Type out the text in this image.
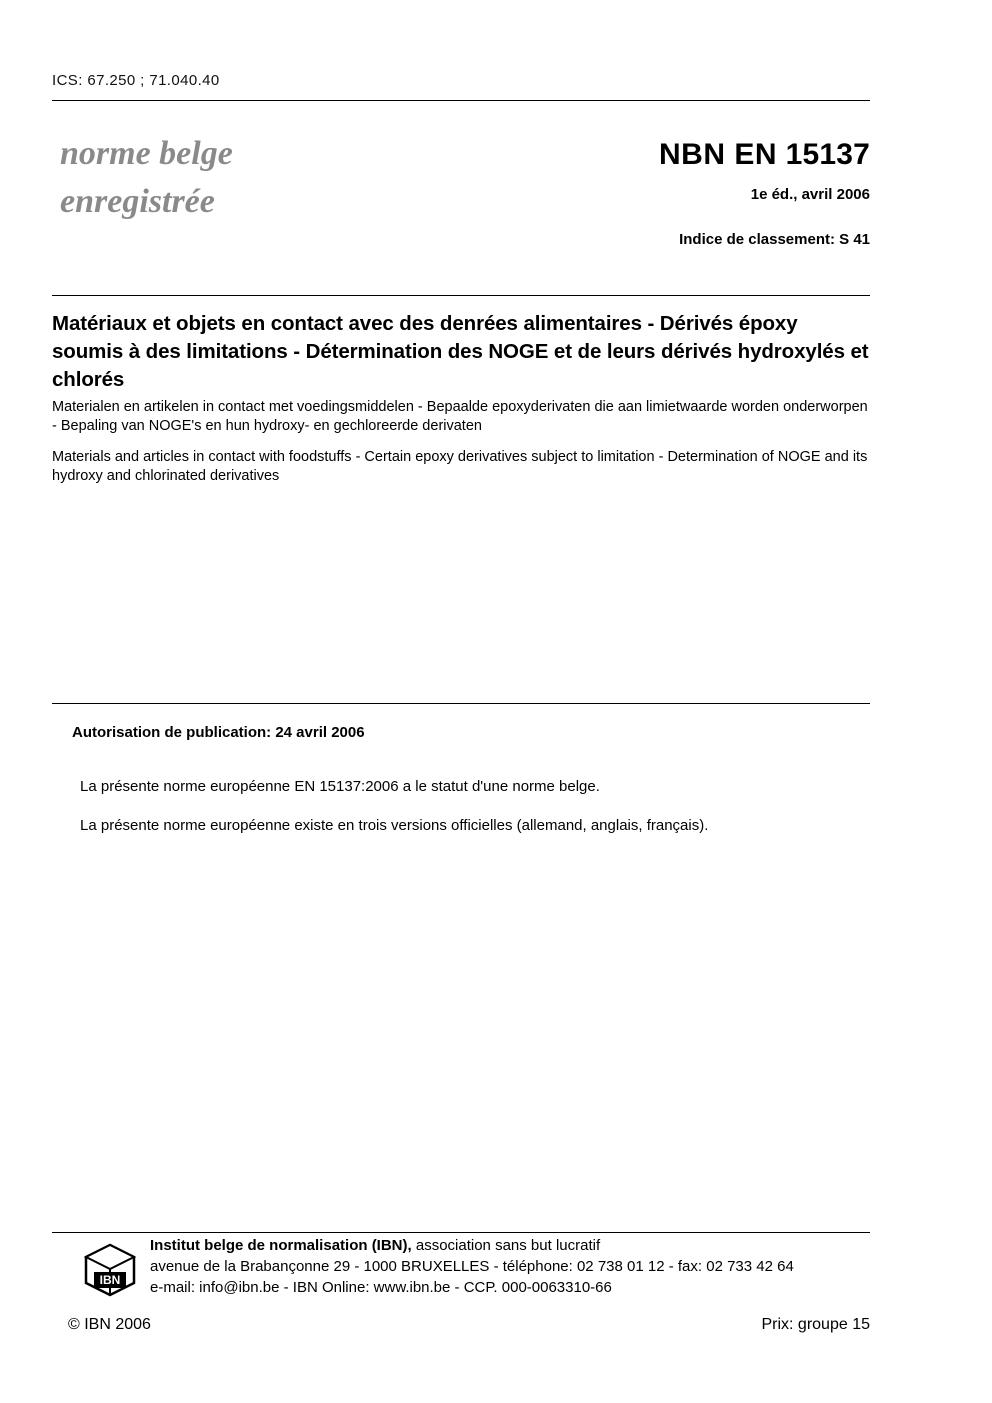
ICS: 67.250 ; 71.040.40
norme belge
enregistrée
NBN EN 15137
1e éd., avril 2006
Indice de classement: S 41
Matériaux et objets en contact avec des denrées alimentaires - Dérivés époxy soumis à des limitations - Détermination des NOGE et de leurs dérivés hydroxylés et chlorés
Materialen en artikelen in contact met voedingsmiddelen - Bepaalde epoxyderivaten die aan limietwaarde worden onderworpen - Bepaling van NOGE's en hun hydroxy- en gechloreerde derivaten
Materials and articles in contact with foodstuffs - Certain epoxy derivatives subject to limitation - Determination of NOGE and its hydroxy and chlorinated derivatives
Autorisation de publication: 24 avril 2006
La présente norme européenne EN 15137:2006 a le statut d'une norme belge.
La présente norme européenne existe en trois versions officielles (allemand, anglais, français).
IBN
Institut belge de normalisation (IBN), association sans but lucratif
avenue de la Brabançonne 29 - 1000 BRUXELLES - téléphone: 02 738 01 12 - fax: 02 733 42 64
e-mail: info@ibn.be - IBN Online: www.ibn.be - CCP. 000-0063310-66
© IBN 2006	Prix: groupe 15
